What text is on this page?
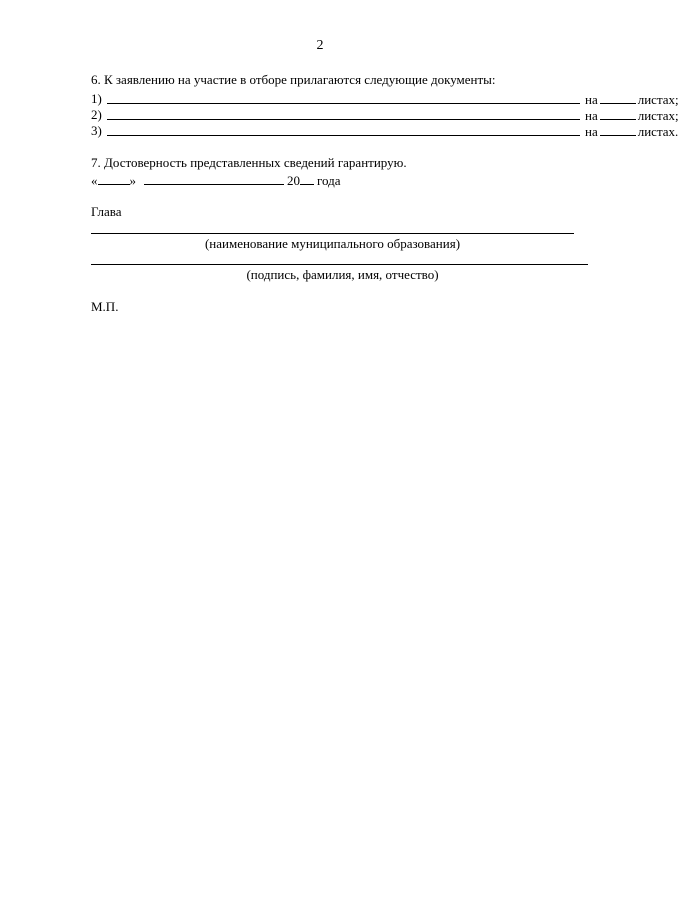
2
6. К заявлению на участие в отборе прилагаются следующие документы:
1)	на	листах;
2)	на	листах;
3)	на	листах.
7. Достоверность представленных сведений гарантирую.
« »	20 года
Глава
(наименование муниципального образования)
(подпись, фамилия, имя, отчество)
М.П.
